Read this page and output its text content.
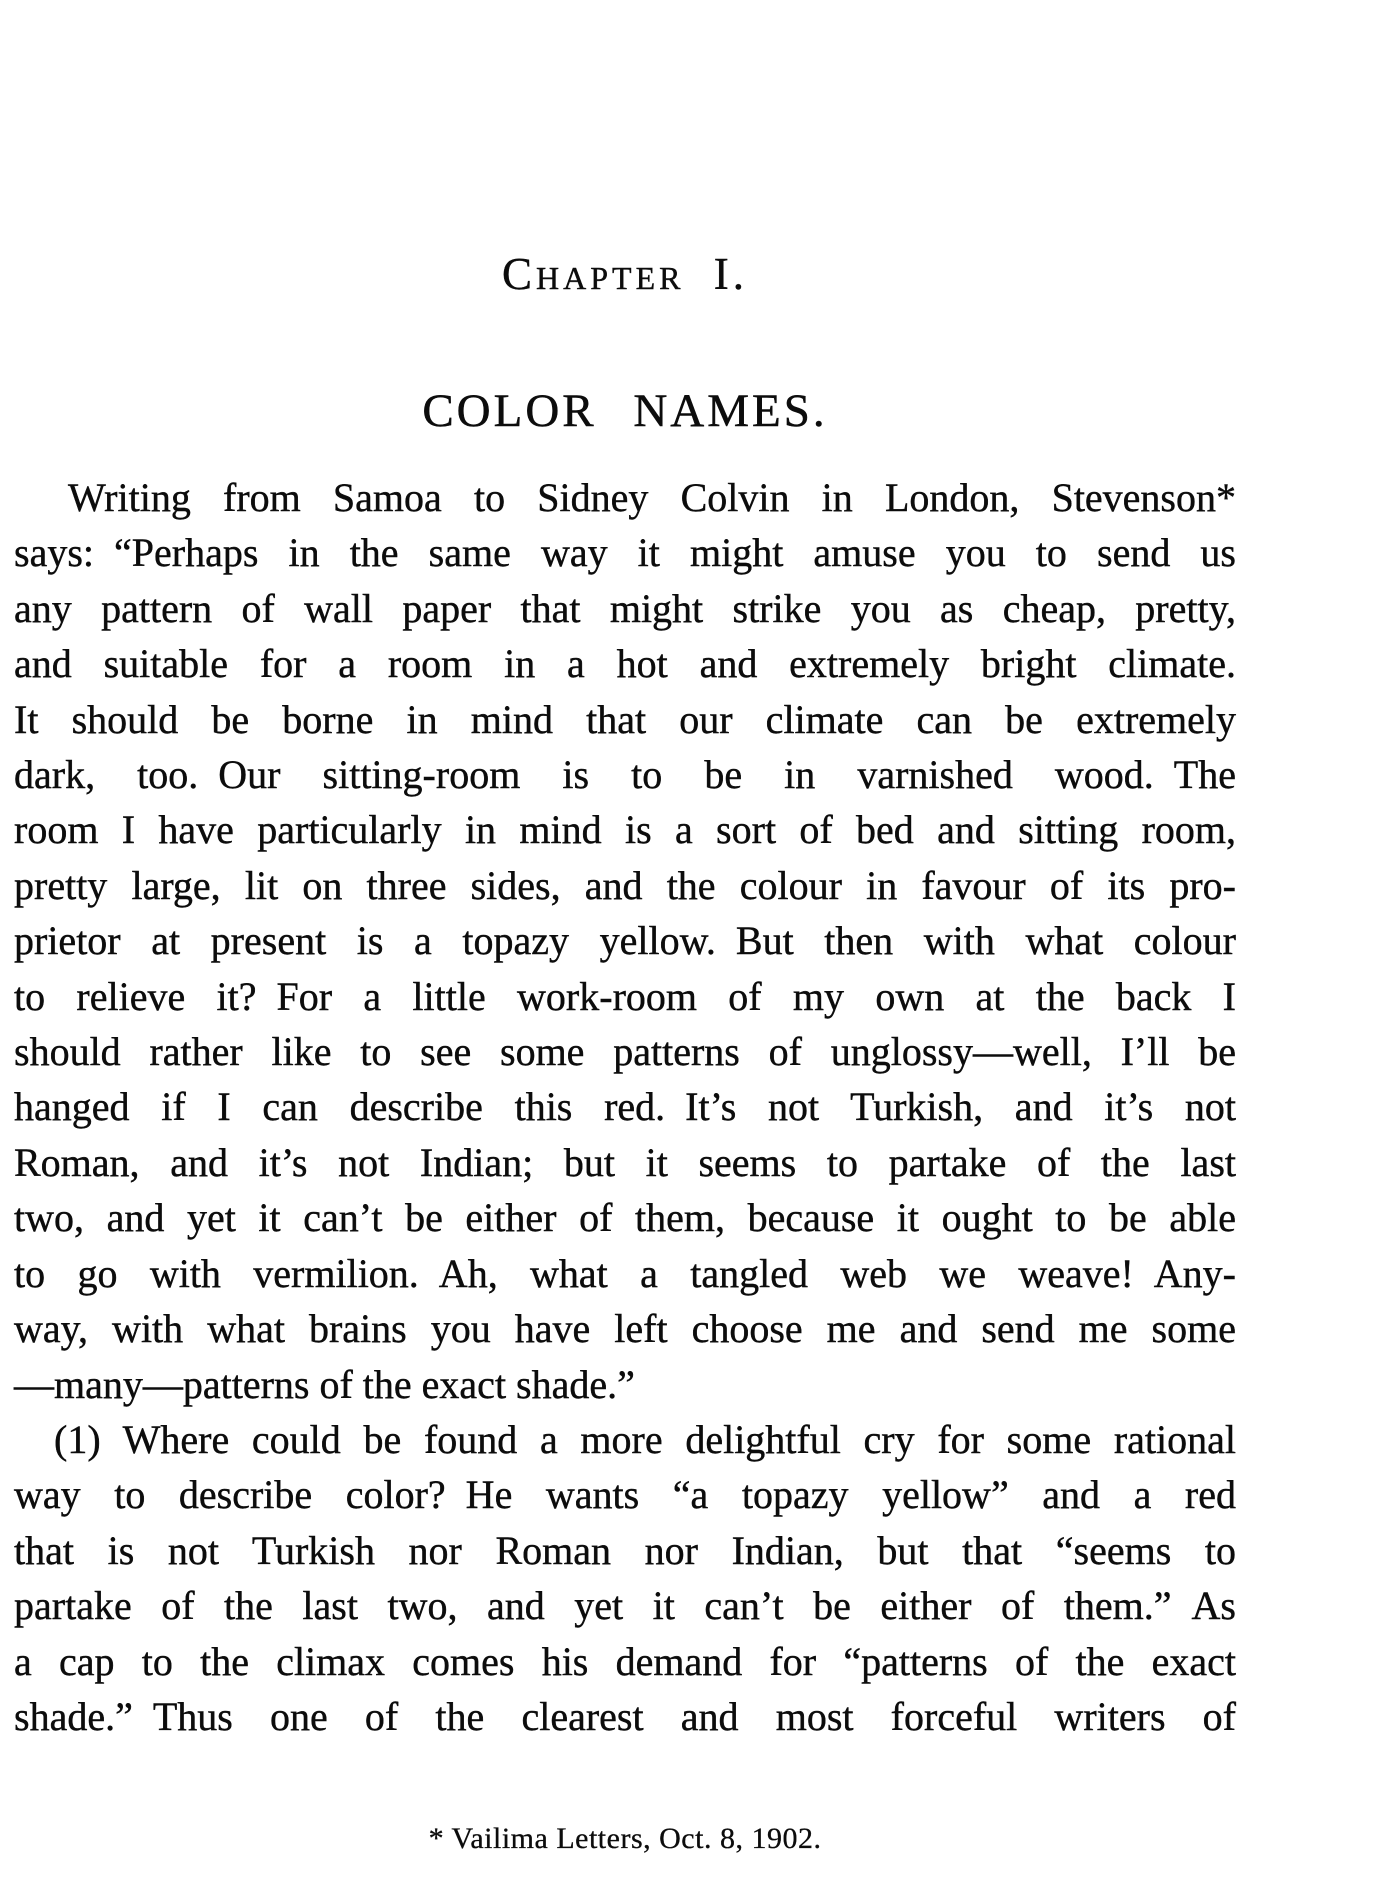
Chapter I.
COLOR NAMES.
Writing from Samoa to Sidney Colvin in London, Stevenson*
says: “Perhaps in the same way it might amuse you to send us
any pattern of wall paper that might strike you as cheap, pretty,
and suitable for a room in a hot and extremely bright climate.
It should be borne in mind that our climate can be extremely
dark, too. Our sitting-room is to be in varnished wood. The
room I have particularly in mind is a sort of bed and sitting room,
pretty large, lit on three sides, and the colour in favour of its pro-
prietor at present is a topazy yellow. But then with what colour
to relieve it? For a little work-room of my own at the back I
should rather like to see some patterns of unglossy—well, I’ll be
hanged if I can describe this red. It’s not Turkish, and it’s not
Roman, and it’s not Indian; but it seems to partake of the last
two, and yet it can’t be either of them, because it ought to be able
to go with vermilion. Ah, what a tangled web we weave! Any-
way, with what brains you have left choose me and send me some
—many—patterns of the exact shade.”
(1) Where could be found a more delightful cry for some rational
way to describe color? He wants “a topazy yellow” and a red
that is not Turkish nor Roman nor Indian, but that “seems to
partake of the last two, and yet it can’t be either of them.” As
a cap to the climax comes his demand for “patterns of the exact
shade.” Thus one of the clearest and most forceful writers of
* Vailima Letters, Oct. 8, 1902.
